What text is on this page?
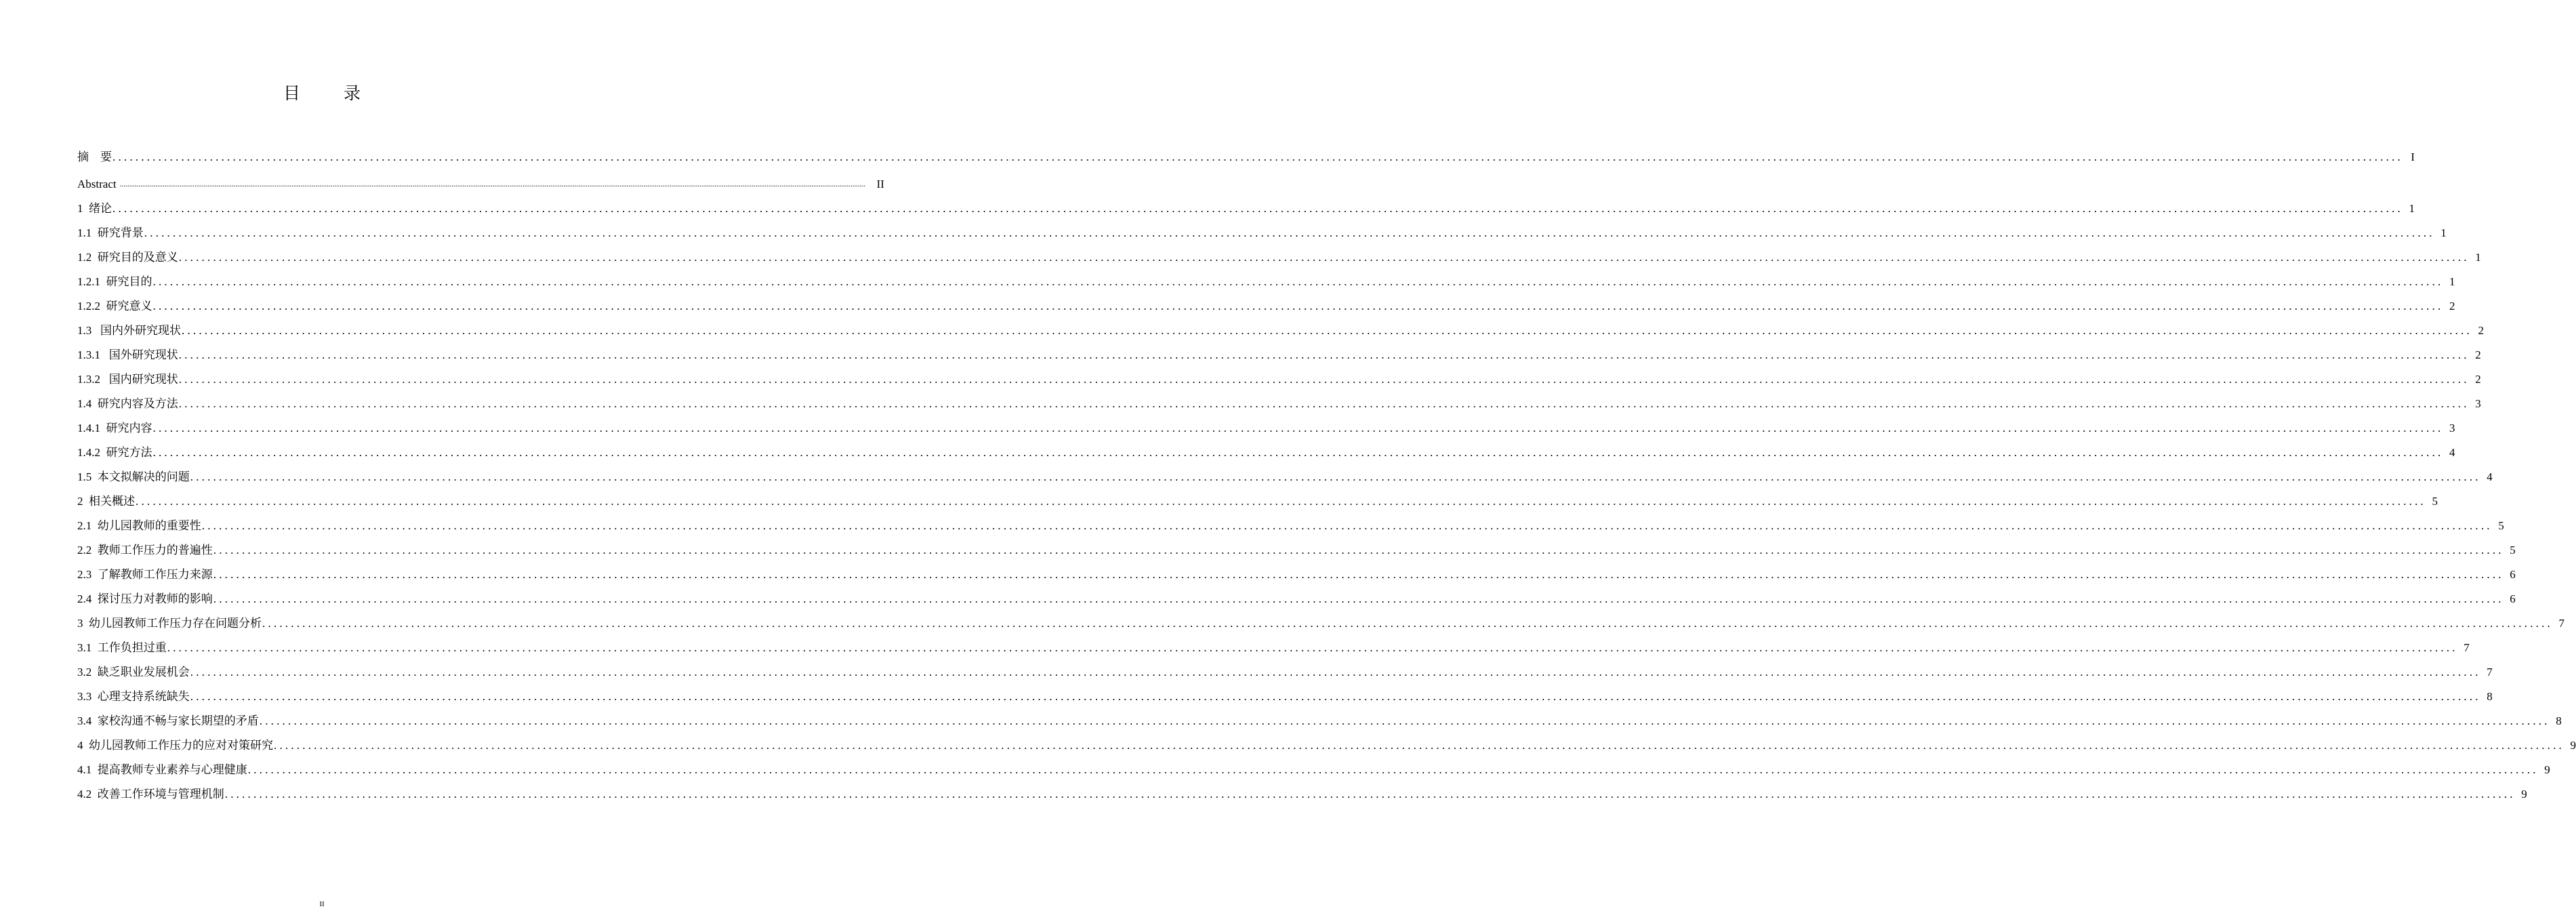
目 录
摘    要 ................................................................................................................................................................................................................................................................................................................................................................................................................ I
Abstract ................................................................................................................................................................................................................................................................................................................................................................................................................ II
1  绪论 ................................................................................................................................................................................................................................................................................................................................................................................................................ 1
1.1  研究背景 ................................................................................................................................................................................................................................................................................................................................................................................................................ 1
1.2  研究目的及意义 ................................................................................................................................................................................................................................................................................................................................................................................................................ 1
1.2.1  研究目的 ................................................................................................................................................................................................................................................................................................................................................................................................................ 1
1.2.2  研究意义 ................................................................................................................................................................................................................................................................................................................................................................................................................ 2
1.3   国内外研究现状 ................................................................................................................................................................................................................................................................................................................................................................................................................ 2
1.3.1   国外研究现状 ................................................................................................................................................................................................................................................................................................................................................................................................................ 2
1.3.2   国内研究现状 ................................................................................................................................................................................................................................................................................................................................................................................................................ 2
1.4  研究内容及方法 ................................................................................................................................................................................................................................................................................................................................................................................................................ 3
1.4.1  研究内容 ................................................................................................................................................................................................................................................................................................................................................................................................................ 3
1.4.2  研究方法 ................................................................................................................................................................................................................................................................................................................................................................................................................ 4
1.5  本文拟解决的问题 ................................................................................................................................................................................................................................................................................................................................................................................................................ 4
2  相关概述 ................................................................................................................................................................................................................................................................................................................................................................................................................ 5
2.1  幼儿园教师的重要性 ................................................................................................................................................................................................................................................................................................................................................................................................................ 5
2.2  教师工作压力的普遍性 ................................................................................................................................................................................................................................................................................................................................................................................................................ 5
2.3  了解教师工作压力来源 ................................................................................................................................................................................................................................................................................................................................................................................................................ 6
2.4  探讨压力对教师的影响 ................................................................................................................................................................................................................................................................................................................................................................................................................ 6
3  幼儿园教师工作压力存在问题分析 ................................................................................................................................................................................................................................................................................................................................................................................................................ 7
3.1  工作负担过重 ................................................................................................................................................................................................................................................................................................................................................................................................................ 7
3.2  缺乏职业发展机会 ................................................................................................................................................................................................................................................................................................................................................................................................................ 7
3.3  心理支持系统缺失 ................................................................................................................................................................................................................................................................................................................................................................................................................ 8
3.4  家校沟通不畅与家长期望的矛盾 ................................................................................................................................................................................................................................................................................................................................................................................................................ 8
4  幼儿园教师工作压力的应对对策研究 ................................................................................................................................................................................................................................................................................................................................................................................................................ 9
4.1  提高教师专业素养与心理健康 ................................................................................................................................................................................................................................................................................................................................................................................................................ 9
4.2  改善工作环境与管理机制 ................................................................................................................................................................................................................................................................................................................................................................................................................ 9
II
